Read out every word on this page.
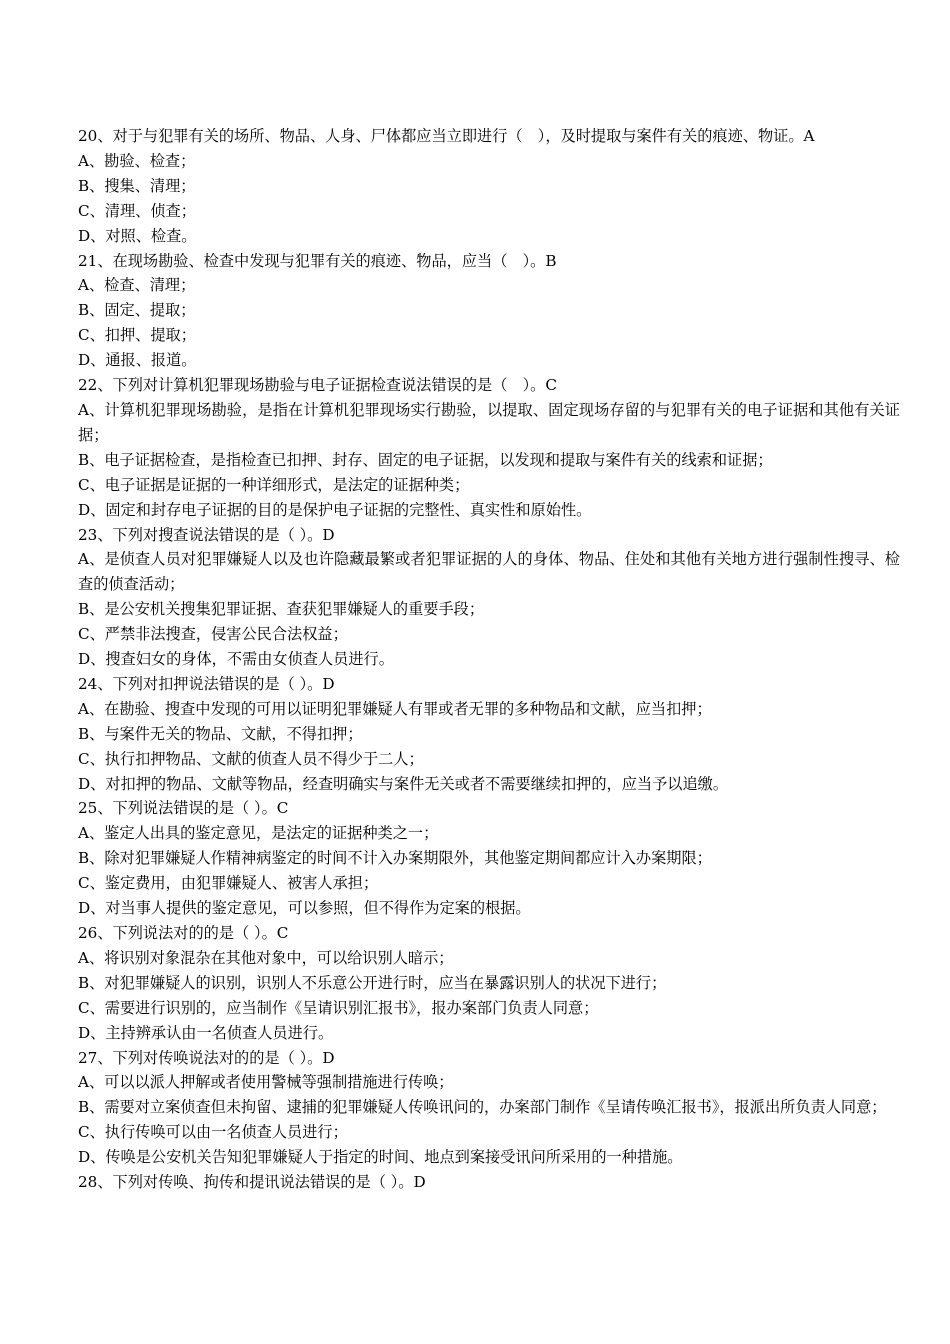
20、对于与犯罪有关的场所、物品、人身、尸体都应当立即进行（　），及时提取与案件有关的痕迹、物证。A
A、勘验、检查；
B、搜集、清理；
C、清理、侦查；
D、对照、检查。
21、在现场勘验、检查中发现与犯罪有关的痕迹、物品，应当（　）。B
A、检查、清理；
B、固定、提取；
C、扣押、提取；
D、通报、报道。
22、下列对计算机犯罪现场勘验与电子证据检查说法错误的是（　）。C
A、计算机犯罪现场勘验，是指在计算机犯罪现场实行勘验，以提取、固定现场存留的与犯罪有关的电子证据和其他有关证据；
B、电子证据检查，是指检查已扣押、封存、固定的电子证据，以发现和提取与案件有关的线索和证据；
C、电子证据是证据的一种详细形式，是法定的证据种类；
D、固定和封存电子证据的目的是保护电子证据的完整性、真实性和原始性。
23、下列对搜查说法错误的是（ ）。D
A、是侦查人员对犯罪嫌疑人以及也许隐藏最繁或者犯罪证据的人的身体、物品、住处和其他有关地方进行强制性搜寻、检查的侦查活动；
B、是公安机关搜集犯罪证据、查获犯罪嫌疑人的重要手段；
C、严禁非法搜查，侵害公民合法权益；
D、搜查妇女的身体，不需由女侦查人员进行。
24、下列对扣押说法错误的是（ ）。D
A、在勘验、搜查中发现的可用以证明犯罪嫌疑人有罪或者无罪的多种物品和文献，应当扣押；
B、与案件无关的物品、文献，不得扣押；
C、执行扣押物品、文献的侦查人员不得少于二人；
D、对扣押的物品、文献等物品，经查明确实与案件无关或者不需要继续扣押的，应当予以追缴。
25、下列说法错误的是（ ）。C
A、鉴定人出具的鉴定意见，是法定的证据种类之一；
B、除对犯罪嫌疑人作精神病鉴定的时间不计入办案期限外，其他鉴定期间都应计入办案期限；
C、鉴定费用，由犯罪嫌疑人、被害人承担；
D、对当事人提供的鉴定意见，可以参照，但不得作为定案的根据。
26、下列说法对的的是（ ）。C
A、将识别对象混杂在其他对象中，可以给识别人暗示；
B、对犯罪嫌疑人的识别，识别人不乐意公开进行时，应当在暴露识别人的状况下进行；
C、需要进行识别的，应当制作《呈请识别汇报书》，报办案部门负责人同意；
D、主持辨承认由一名侦查人员进行。
27、下列对传唤说法对的的是（ ）。D
A、可以以派人押解或者使用警械等强制措施进行传唤；
B、需要对立案侦查但未拘留、逮捕的犯罪嫌疑人传唤讯问的，办案部门制作《呈请传唤汇报书》，报派出所负责人同意；
C、执行传唤可以由一名侦查人员进行；
D、传唤是公安机关告知犯罪嫌疑人于指定的时间、地点到案接受讯问所采用的一种措施。
28、下列对传唤、拘传和提讯说法错误的是（ ）。D
